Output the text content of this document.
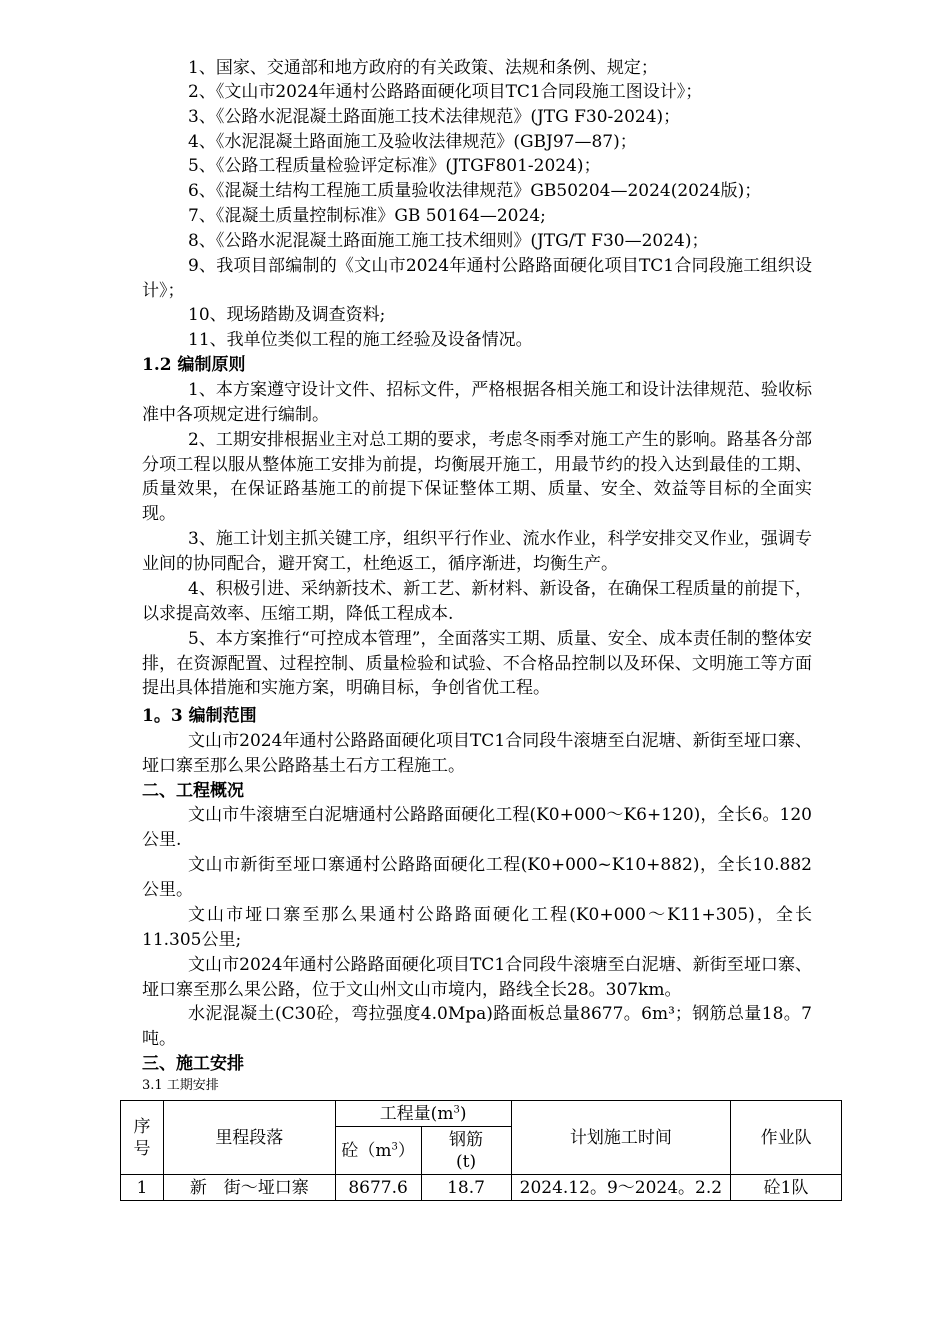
1、国家、交通部和地方政府的有关政策、法规和条例、规定；

2、《文山市2024年通村公路路面硬化项目TC1合同段施工图设计》；

3、《公路水泥混凝土路面施工技术法律规范》(JTG F30-2024)；

4、《水泥混凝土路面施工及验收法律规范》(GBJ97—87)；

5、《公路工程质量检验评定标准》(JTGF801-2024)；

6、《混凝土结构工程施工质量验收法律规范》GB50204—2024(2024版)；

7、《混凝土质量控制标准》GB 50164—2024;

8、《公路水泥混凝土路面施工施工技术细则》(JTG/T F30—2024)；

9、我项目部编制的《文山市2024年通村公路路面硬化项目TC1合同段施工组织设计》；

10、现场踏勘及调查资料;

11、我单位类似工程的施工经验及设备情况。

1.2 编制原则

1、本方案遵守设计文件、招标文件，严格根据各相关施工和设计法律规范、验收标准中各项规定进行编制。

2、工期安排根据业主对总工期的要求，考虑冬雨季对施工产生的影响。路基各分部分项工程以服从整体施工安排为前提，均衡展开施工，用最节约的投入达到最佳的工期、质量效果，在保证路基施工的前提下保证整体工期、质量、安全、效益等目标的全面实现。

3、施工计划主抓关键工序，组织平行作业、流水作业，科学安排交叉作业，强调专业间的协同配合，避开窝工，杜绝返工，循序渐进，均衡生产。

4、积极引进、采纳新技术、新工艺、新材料、新设备，在确保工程质量的前提下，以求提高效率、压缩工期，降低工程成本.

5、本方案推行“可控成本管理”，全面落实工期、质量、安全、成本责任制的整体安排，在资源配置、过程控制、质量检验和试验、不合格品控制以及环保、文明施工等方面提出具体措施和实施方案，明确目标，争创省优工程。

1。3 编制范围

文山市2024年通村公路路面硬化项目TC1合同段牛滚塘至白泥塘、新街至垭口寨、垭口寨至那么果公路路基土石方工程施工。

二、工程概况

文山市牛滚塘至白泥塘通村公路路面硬化工程(K0+000～K6+120)，全长6。120公里.

文山市新街至垭口寨通村公路路面硬化工程(K0+000~K10+882)，全长10.882公里。

文山市垭口寨至那么果通村公路路面硬化工程(K0+000～K11+305)，全长11.305公里;

文山市2024年通村公路路面硬化项目TC1合同段牛滚塘至白泥塘、新街至垭口寨、垭口寨至那么果公路，位于文山州文山市境内，路线全长28。307km。

水泥混凝土(C30砼，弯拉强度4.0Mpa)路面板总量8677。6m³；钢筋总量18。7吨。

三、施工安排

3.1 工期安排

序号	里程段落	工程量$(m^3)$		计划施工时间	作业队
		砼$(m^3)$	钢筋(t)		
1	新　街～垭口寨	8677.6	18.7	2024.12。9～2024。2.2	砼1队
